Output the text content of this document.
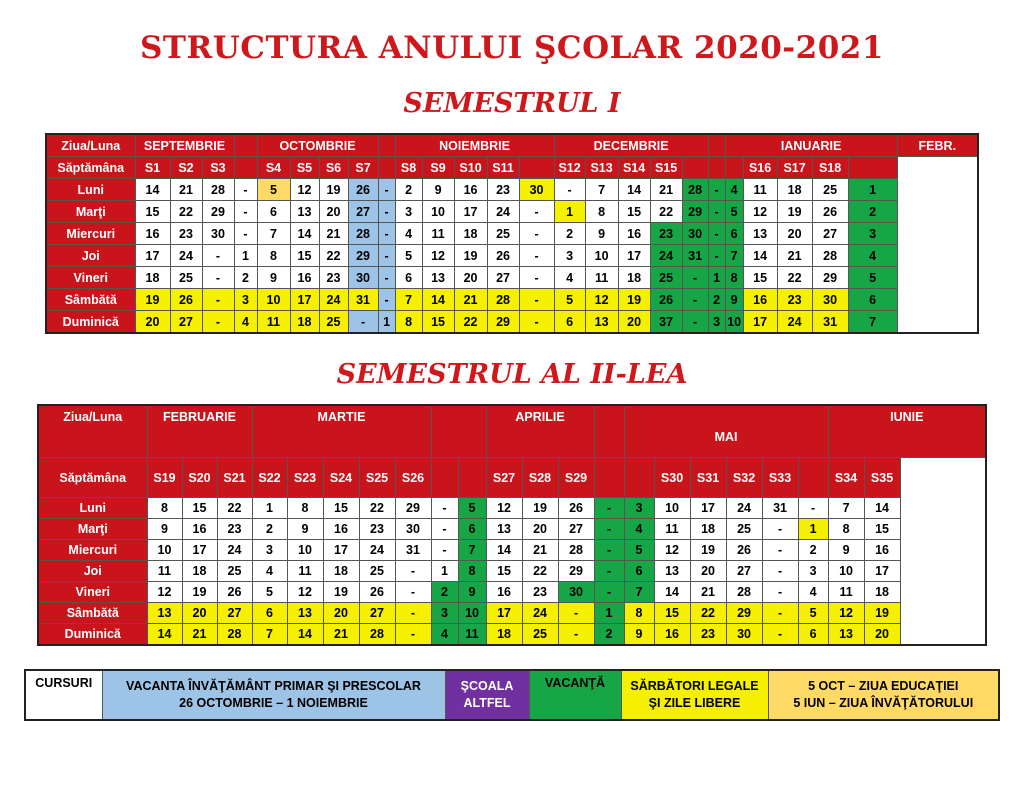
STRUCTURA ANULUI ŞCOLAR 2020-2021
SEMESTRUL I
Ziua/Luna	SEPTEMBRIE				OCTOMBRIE					NOIEMBRIE					DECEMBRIE						IANUARIE					FEBR.
Săptămâna	S1	S2	S3		S4	S5	S6	S7		S8	S9	S10	S11		S12	S13	S14	S15				S16	S17	S18		
Luni	14	21	28	-	5	12	19	26	-	2	9	16	23	30	-	7	14	21	28	-	4	11	18	25	1	
Marţi	15	22	29	-	6	13	20	27	-	3	10	17	24	-	1	8	15	22	29	-	5	12	19	26	2	
Miercuri	16	23	30	-	7	14	21	28	-	4	11	18	25	-	2	9	16	23	30	-	6	13	20	27	3	
Joi	17	24	-	1	8	15	22	29	-	5	12	19	26	-	3	10	17	24	31	-	7	14	21	28	4	
Vineri	18	25	-	2	9	16	23	30	-	6	13	20	27	-	4	11	18	25	-	1	8	15	22	29	5	
Sâmbătă	19	26	-	3	10	17	24	31	-	7	14	21	28	-	5	12	19	26	-	2	9	16	23	30	6	
Duminică	20	27	-	4	11	18	25	-	1	8	15	22	29	-	6	13	20	37	-	3	10	17	24	31	7	
SEMESTRUL AL II-LEA
Ziua/Luna	FEBRUARIE			MARTIE							APRILIE				MAI						IUNIE	
Săptămâna	S19	S20	S21	S22	S23	S24	S25	S26			S27	S28	S29			S30	S31	S32	S33		S34	S35
Luni	8	15	22	1	8	15	22	29	-	5	12	19	26	-	3	10	17	24	31	-	7	14
Marţi	9	16	23	2	9	16	23	30	-	6	13	20	27	-	4	11	18	25	-	1	8	15
Miercuri	10	17	24	3	10	17	24	31	-	7	14	21	28	-	5	12	19	26	-	2	9	16
Joi	11	18	25	4	11	18	25	-	1	8	15	22	29	-	6	13	20	27	-	3	10	17
Vineri	12	19	26	5	12	19	26	-	2	9	16	23	30	-	7	14	21	28	-	4	11	18
Sâmbătă	13	20	27	6	13	20	27	-	3	10	17	24	-	1	8	15	22	29	-	5	12	19
Duminică	14	21	28	7	14	21	28	-	4	11	18	25	-	2	9	16	23	30	-	6	13	20
CURSURI	VACANTA ÎNVĂŢĂMÂNT PRIMAR ŞI PRESCOLAR
26 OCTOMBRIE – 1 NOIEMBRIE	ŞCOALA
ALTFEL	VACANŢĂ	SĂRBĂTORI LEGALE
ŞI ZILE LIBERE	5 OCT – ZIUA EDUCAŢIEI
5 IUN – ZIUA ÎNVĂŢĂTORULUI
